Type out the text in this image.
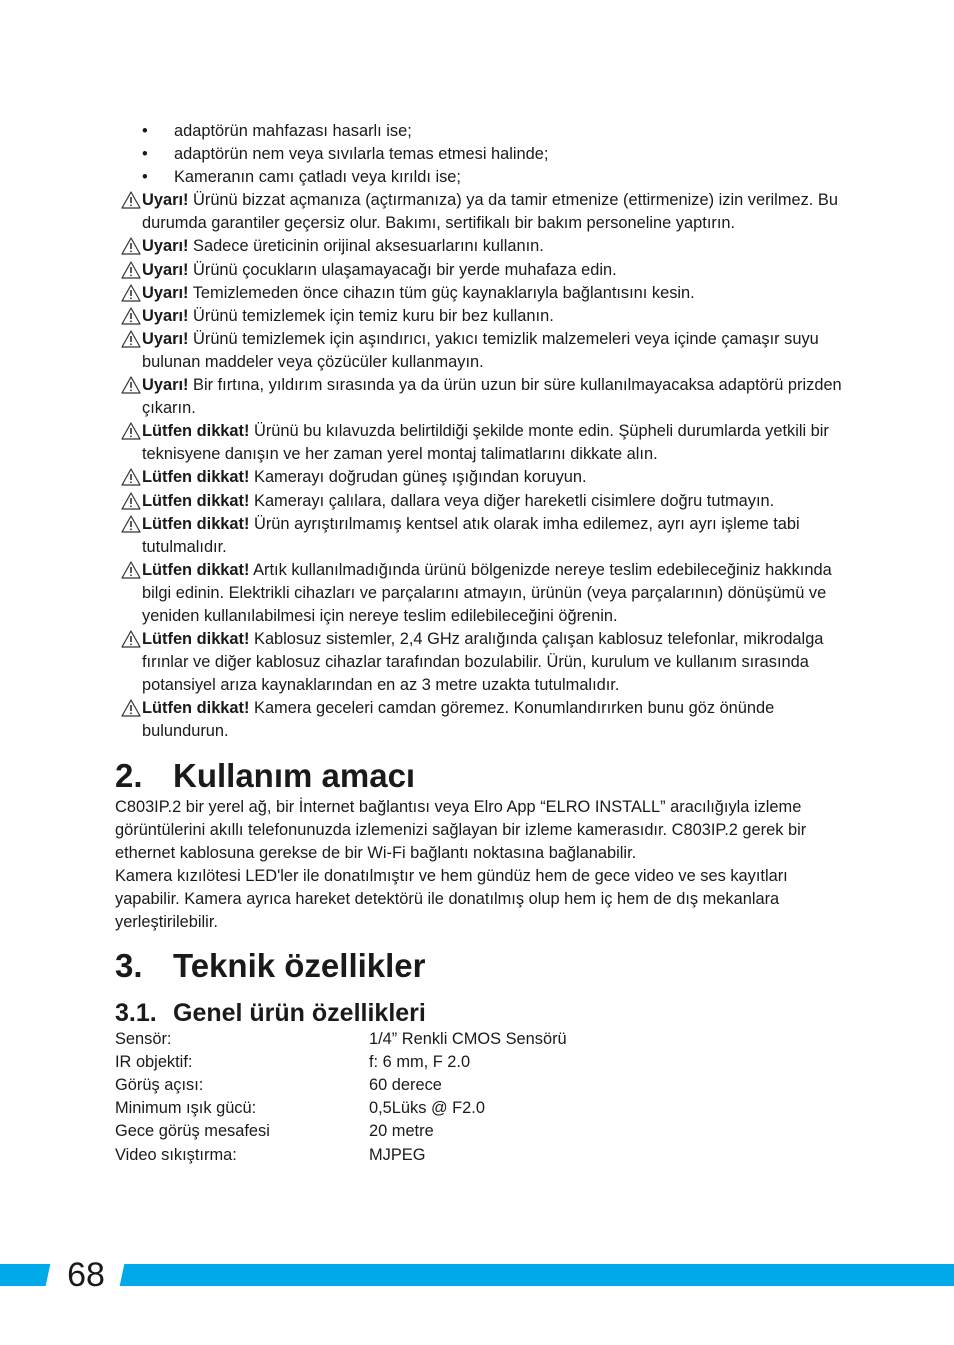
• adaptörün mahfazası hasarlı ise;
• adaptörün nem veya sıvılarla temas etmesi halinde;
• Kameranın camı çatladı veya kırıldı ise;
Uyarı! Ürünü bizzat açmanıza (açtırmanıza) ya da tamir etmenize (ettirmenize) izin verilmez. Bu durumda garantiler geçersiz olur. Bakımı, sertifikalı bir bakım personeline yaptırın.
Uyarı! Sadece üreticinin orijinal aksesuarlarını kullanın.
Uyarı! Ürünü çocukların ulaşamayacağı bir yerde muhafaza edin.
Uyarı! Temizlemeden önce cihazın tüm güç kaynaklarıyla bağlantısını kesin.
Uyarı! Ürünü temizlemek için temiz kuru bir bez kullanın.
Uyarı! Ürünü temizlemek için aşındırıcı, yakıcı temizlik malzemeleri veya içinde çamaşır suyu bulunan maddeler veya çözücüler kullanmayın.
Uyarı! Bir fırtına, yıldırım sırasında ya da ürün uzun bir süre kullanılmayacaksa adaptörü prizden çıkarın.
Lütfen dikkat! Ürünü bu kılavuzda belirtildiği şekilde monte edin. Şüpheli durumlarda yetkili bir teknisyene danışın ve her zaman yerel montaj talimatlarını dikkate alın.
Lütfen dikkat! Kamerayı doğrudan güneş ışığından koruyun.
Lütfen dikkat! Kamerayı çalılara, dallara veya diğer hareketli cisimlere doğru tutmayın.
Lütfen dikkat! Ürün ayrıştırılmamış kentsel atık olarak imha edilemez, ayrı ayrı işleme tabi tutulmalıdır.
Lütfen dikkat! Artık kullanılmadığında ürünü bölgenizde nereye teslim edebileceğiniz hakkında bilgi edinin. Elektrikli cihazları ve parçalarını atmayın, ürünün (veya parçalarının) dönüşümü ve yeniden kullanılabilmesi için nereye teslim edilebileceğini öğrenin.
Lütfen dikkat! Kablosuz sistemler, 2,4 GHz aralığında çalışan kablosuz telefonlar, mikrodalga fırınlar ve diğer kablosuz cihazlar tarafından bozulabilir. Ürün, kurulum ve kullanım sırasında potansiyel arıza kaynaklarından en az 3 metre uzakta tutulmalıdır.
Lütfen dikkat! Kamera geceleri camdan göremez. Konumlandırırken bunu göz önünde bulundurun.
2. Kullanım amacı

C803IP.2 bir yerel ağ, bir İnternet bağlantısı veya Elro App “ELRO INSTALL” aracılığıyla izleme görüntülerini akıllı telefonunuzda izlemenizi sağlayan bir izleme kamerasıdır. C803IP.2 gerek bir ethernet kablosuna gerekse de bir Wi-Fi bağlantı noktasına bağlanabilir.

Kamera kızılötesi LED'ler ile donatılmıştır ve hem gündüz hem de gece video ve ses kayıtları yapabilir. Kamera ayrıca hareket detektörü ile donatılmış olup hem iç hem de dış mekanlara yerleştirilebilir.

3. Teknik özellikler
3.1. Genel ürün özellikleri
Sensör:	1/4” Renkli CMOS Sensörü
IR objektif:	f: 6 mm, F 2.0
Görüş açısı:	60 derece
Minimum ışık gücü:	0,5Lüks @ F2.0
Gece görüş mesafesi	20 metre
Video sıkıştırma:	MJPEG
68
